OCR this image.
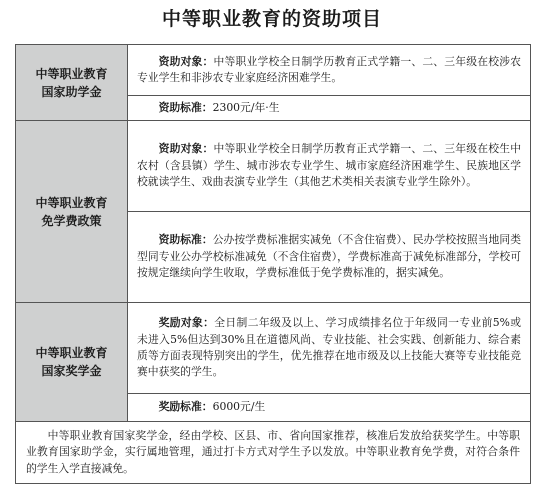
中等职业教育的资助项目
中等职业教育
国家助学金	资助对象：中等职业学校全日制学历教育正式学籍一、二、三年级在校涉农专业学生和非涉农专业家庭经济困难学生。
	资助标准：2300元/年·生

中等职业教育
免学费政策	资助对象：中等职业学校全日制学历教育正式学籍一、二、三年级在校生中农村（含县镇）学生、城市涉农专业学生、城市家庭经济困难学生、民族地区学校就读学生、戏曲表演专业学生（其他艺术类相关表演专业学生除外）。
	资助标准：公办按学费标准据实减免（不含住宿费）、民办学校按照当地同类型同专业公办学校标准减免（不含住宿费），学费标准高于减免标准部分，学校可按规定继续向学生收取，学费标准低于免学费标准的，据实减免。

中等职业教育
国家奖学金	奖励对象：全日制二年级及以上、学习成绩排名位于年级同一专业前5%或未进入5%但达到30%且在道德风尚、专业技能、社会实践、创新能力、综合素质等方面表现特别突出的学生，优先推荐在地市级及以上技能大赛等专业技能竞赛中获奖的学生。
	奖励标准：6000元/生

中等职业教育国家奖学金，经由学校、区县、市、省向国家推荐，核准后发放给获奖学生。中等职业教育国家助学金，实行属地管理，通过打卡方式对学生予以发放。中等职业教育免学费，对符合条件的学生入学直接减免。	
